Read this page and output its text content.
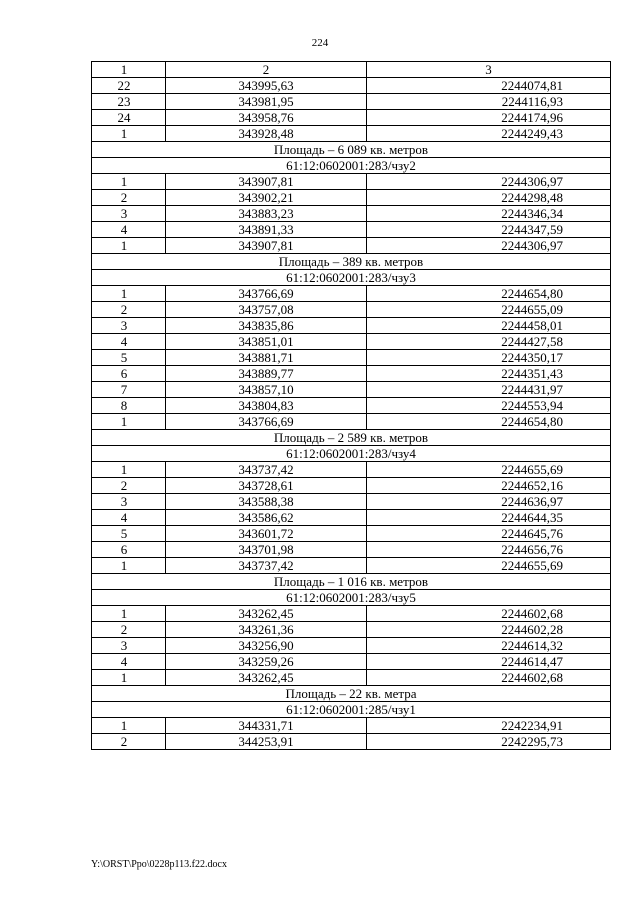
224
1	2	3
22	343995,63	2244074,81
23	343981,95	2244116,93
24	343958,76	2244174,96
1	343928,48	2244249,43
Площадь – 6 089 кв. метров		
61:12:0602001:283/чзу2		
1	343907,81	2244306,97
2	343902,21	2244298,48
3	343883,23	2244346,34
4	343891,33	2244347,59
1	343907,81	2244306,97
Площадь – 389 кв. метров		
61:12:0602001:283/чзу3		
1	343766,69	2244654,80
2	343757,08	2244655,09
3	343835,86	2244458,01
4	343851,01	2244427,58
5	343881,71	2244350,17
6	343889,77	2244351,43
7	343857,10	2244431,97
8	343804,83	2244553,94
1	343766,69	2244654,80
Площадь – 2 589 кв. метров		
61:12:0602001:283/чзу4		
1	343737,42	2244655,69
2	343728,61	2244652,16
3	343588,38	2244636,97
4	343586,62	2244644,35
5	343601,72	2244645,76
6	343701,98	2244656,76
1	343737,42	2244655,69
Площадь – 1 016 кв. метров		
61:12:0602001:283/чзу5		
1	343262,45	2244602,68
2	343261,36	2244602,28
3	343256,90	2244614,32
4	343259,26	2244614,47
1	343262,45	2244602,68
Площадь – 22 кв. метра		
61:12:0602001:285/чзу1		
1	344331,71	2242234,91
2	344253,91	2242295,73
Y:\ORST\Ppo\0228p113.f22.docx
